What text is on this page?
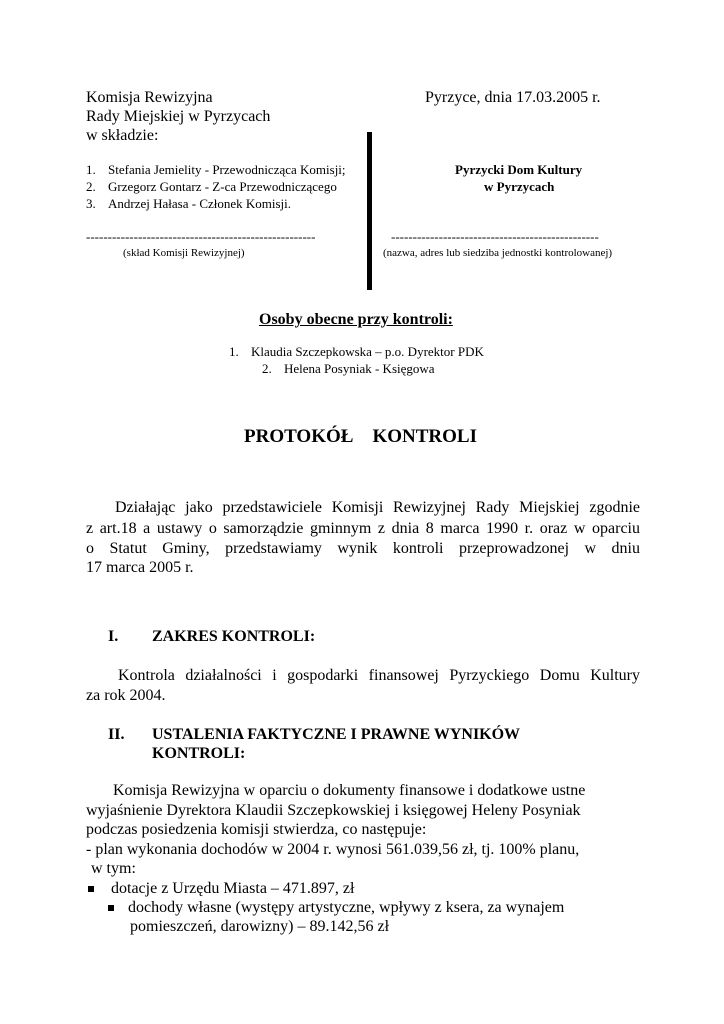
Komisja Rewizyjna
Rady Miejskiej w Pyrzycach
w składzie:
Pyrzyce, dnia 17.03.2005 r.
1. Stefania Jemielity - Przewodnicząca Komisji;
2. Grzegorz Gontarz - Z-ca Przewodniczącego
3. Andrzej Hałasa - Członek Komisji.
-----------------------------------------------------
(skład Komisji Rewizyjnej)
Pyrzycki Dom Kultury
w Pyrzycach
------------------------------------------------
(nazwa, adres lub siedziba jednostki kontrolowanej)
Osoby obecne przy kontroli:
1. Klaudia Szczepkowska – p.o. Dyrektor PDK
2. Helena Posyniak - Księgowa
PROTOKÓŁ    KONTROLI
Działając jako przedstawiciele Komisji Rewizyjnej Rady Miejskiej zgodnie
z art.18 a ustawy o samorządzie gminnym z dnia 8 marca 1990 r. oraz w oparciu
o Statut Gminy, przedstawiamy wynik kontroli przeprowadzonej w dniu
17 marca 2005 r.
I. ZAKRES KONTROLI:
Kontrola działalności i gospodarki finansowej Pyrzyckiego Domu Kultury
za rok 2004.
II. USTALENIA FAKTYCZNE I PRAWNE WYNIKÓW
KONTROLI:
Komisja Rewizyjna w oparciu o dokumenty finansowe i dodatkowe ustne
wyjaśnienie Dyrektora Klaudii Szczepkowskiej i księgowej Heleny Posyniak
podczas posiedzenia komisji stwierdza, co następuje:
- plan wykonania dochodów w 2004 r. wynosi 561.039,56 zł, tj. 100% planu,
w tym:
dotacje z Urzędu Miasta – 471.897, zł
dochody własne (występy artystyczne, wpływy z ksera, za wynajem
pomieszczeń, darowizny) – 89.142,56 zł
